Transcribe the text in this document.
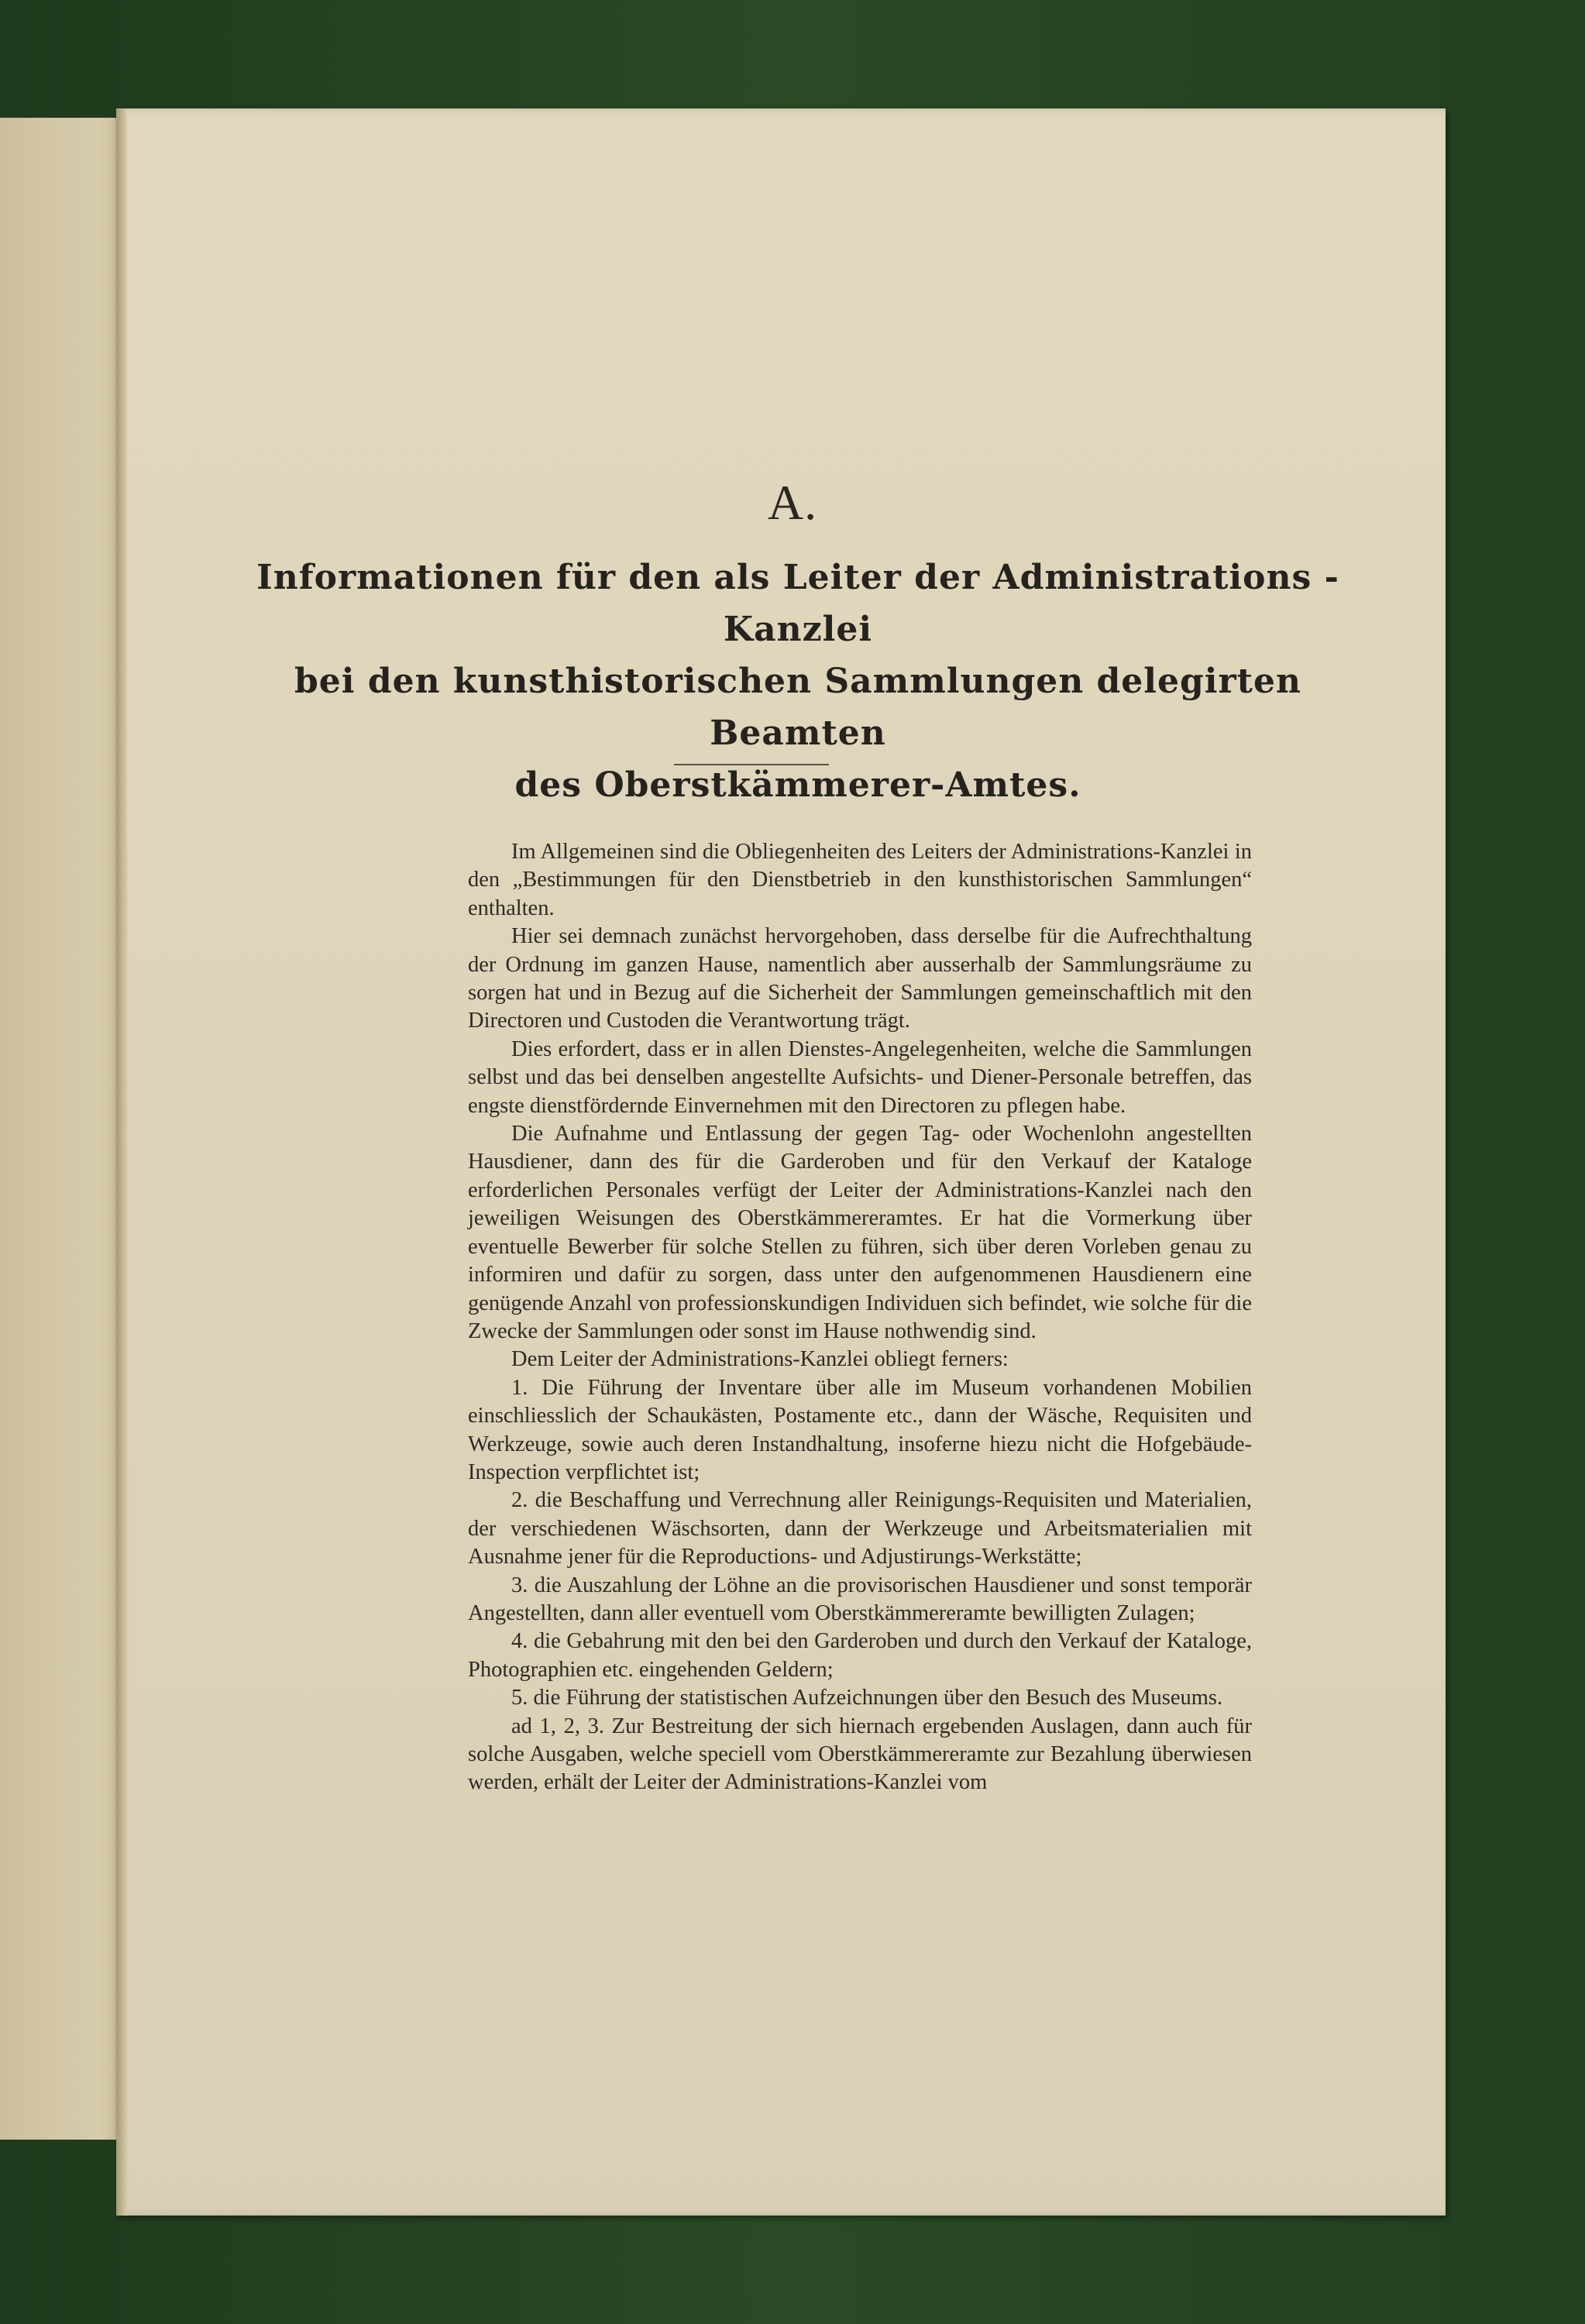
A.
Informationen für den als Leiter der Administrations - Kanzlei
bei den kunsthistorischen Sammlungen delegirten Beamten
des Oberstkämmerer-Amtes.

Im Allgemeinen sind die Obliegenheiten des Leiters der Administrations-Kanzlei in den „Bestimmungen für den Dienstbetrieb in den kunsthistorischen Sammlungen“ enthalten.

Hier sei demnach zunächst hervorgehoben, dass derselbe für die Aufrechthaltung der Ordnung im ganzen Hause, namentlich aber ausserhalb der Sammlungsräume zu sorgen hat und in Bezug auf die Sicherheit der Sammlungen gemeinschaftlich mit den Directoren und Custoden die Verantwortung trägt.

Dies erfordert, dass er in allen Dienstes-Angelegenheiten, welche die Sammlungen selbst und das bei denselben angestellte Aufsichts- und Diener-Personale betreffen, das engste dienstfördernde Einvernehmen mit den Directoren zu pflegen habe.

Die Aufnahme und Entlassung der gegen Tag- oder Wochenlohn angestellten Hausdiener, dann des für die Garderoben und für den Verkauf der Kataloge erforderlichen Personales verfügt der Leiter der Administrations-Kanzlei nach den jeweiligen Weisungen des Oberstkämmereramtes. Er hat die Vormerkung über eventuelle Bewerber für solche Stellen zu führen, sich über deren Vorleben genau zu informiren und dafür zu sorgen, dass unter den aufgenommenen Hausdienern eine genügende Anzahl von professionskundigen Individuen sich befindet, wie solche für die Zwecke der Sammlungen oder sonst im Hause nothwendig sind.

Dem Leiter der Administrations-Kanzlei obliegt ferners:

1. Die Führung der Inventare über alle im Museum vorhandenen Mobilien einschliesslich der Schaukästen, Postamente etc., dann der Wäsche, Requisiten und Werkzeuge, sowie auch deren Instandhaltung, insoferne hiezu nicht die Hofgebäude-Inspection verpflichtet ist;

2. die Beschaffung und Verrechnung aller Reinigungs-Requisiten und Materialien, der verschiedenen Wäschsorten, dann der Werkzeuge und Arbeitsmaterialien mit Ausnahme jener für die Reproductions- und Adjustirungs-Werkstätte;

3. die Auszahlung der Löhne an die provisorischen Hausdiener und sonst temporär Angestellten, dann aller eventuell vom Oberstkämmereramte bewilligten Zulagen;

4. die Gebahrung mit den bei den Garderoben und durch den Verkauf der Kataloge, Photographien etc. eingehenden Geldern;

5. die Führung der statistischen Aufzeichnungen über den Besuch des Museums.

ad 1, 2, 3. Zur Bestreitung der sich hiernach ergebenden Auslagen, dann auch für solche Ausgaben, welche speciell vom Oberstkämmereramte zur Bezahlung überwiesen werden, erhält der Leiter der Administrations-Kanzlei vom
